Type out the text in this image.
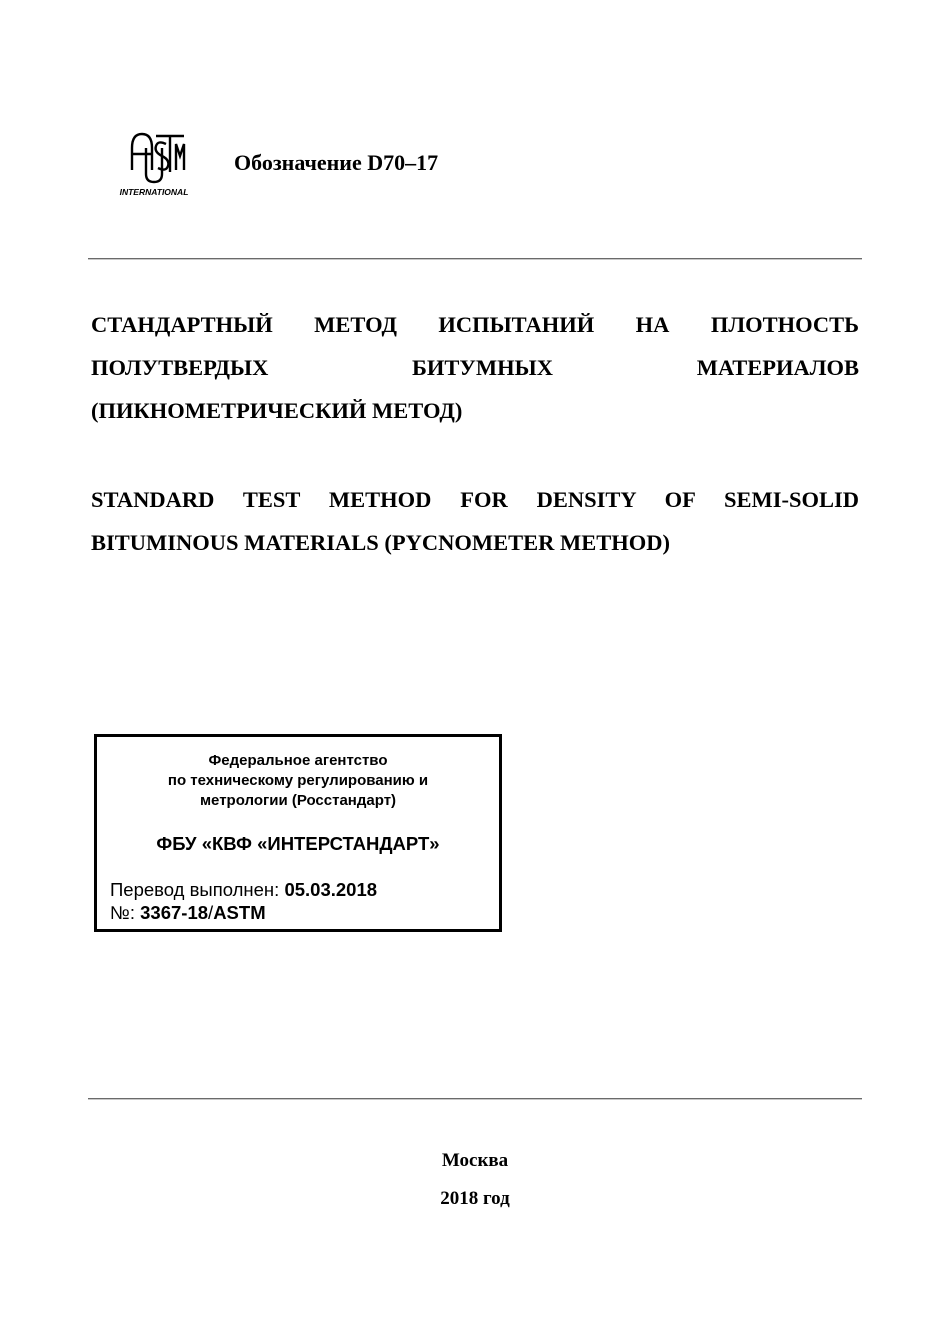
INTERNATIONAL
Обозначение D70–17
СТАНДАРТНЫЙ МЕТОД ИСПЫТАНИЙ НА ПЛОТНОСТЬ
ПОЛУТВЕРДЫХ БИТУМНЫХ МАТЕРИАЛОВ
(ПИКНОМЕТРИЧЕСКИЙ МЕТОД)
STANDARD TEST METHOD FOR DENSITY OF SEMI-SOLID
BITUMINOUS MATERIALS (PYCNOMETER METHOD)
Федеральное агентство
по техническому регулированию и
метрологии (Росстандарт)
ФБУ «КВФ «ИНТЕРСТАНДАРТ»
Перевод выполнен: 05.03.2018
№: 3367-18/ASTM
Москва
2018 год
